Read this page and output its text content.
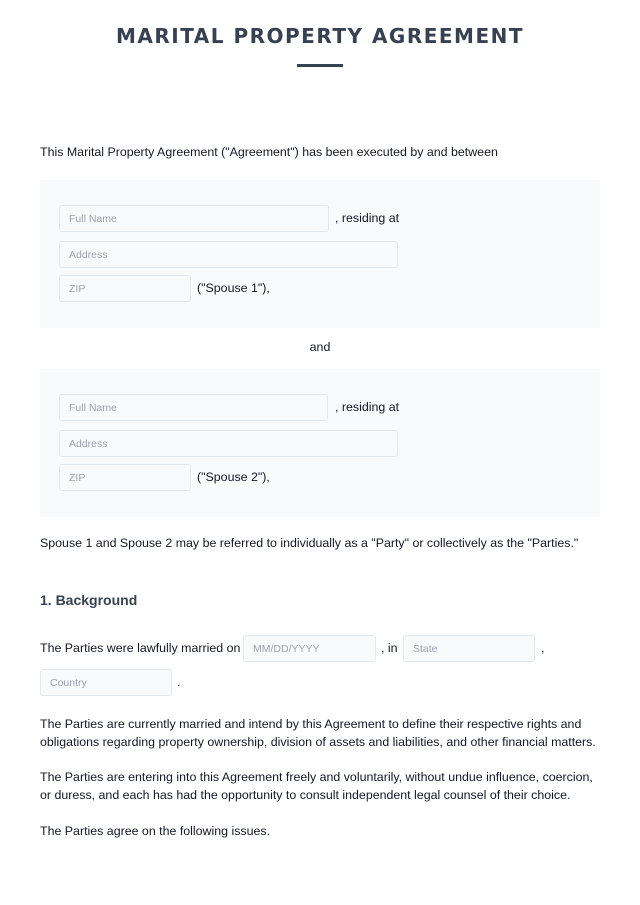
MARITAL PROPERTY AGREEMENT
This Marital Property Agreement ("Agreement") has been executed by and between
Full Name
, residing at
Address
ZIP
("Spouse 1"),
and
Full Name
, residing at
Address
ZIP
("Spouse 2"),
Spouse 1 and Spouse 2 may be referred to individually as a "Party" or collectively as the "Parties."
1. Background
The Parties were lawfully married on
MM/DD/YYYY	, in
State	,
Country
.
The Parties are currently married and intend by this Agreement to define their respective rights and
obligations regarding property ownership, division of assets and liabilities, and other financial matters.
The Parties are entering into this Agreement freely and voluntarily, without undue influence, coercion,
or duress, and each has had the opportunity to consult independent legal counsel of their choice.
The Parties agree on the following issues.
